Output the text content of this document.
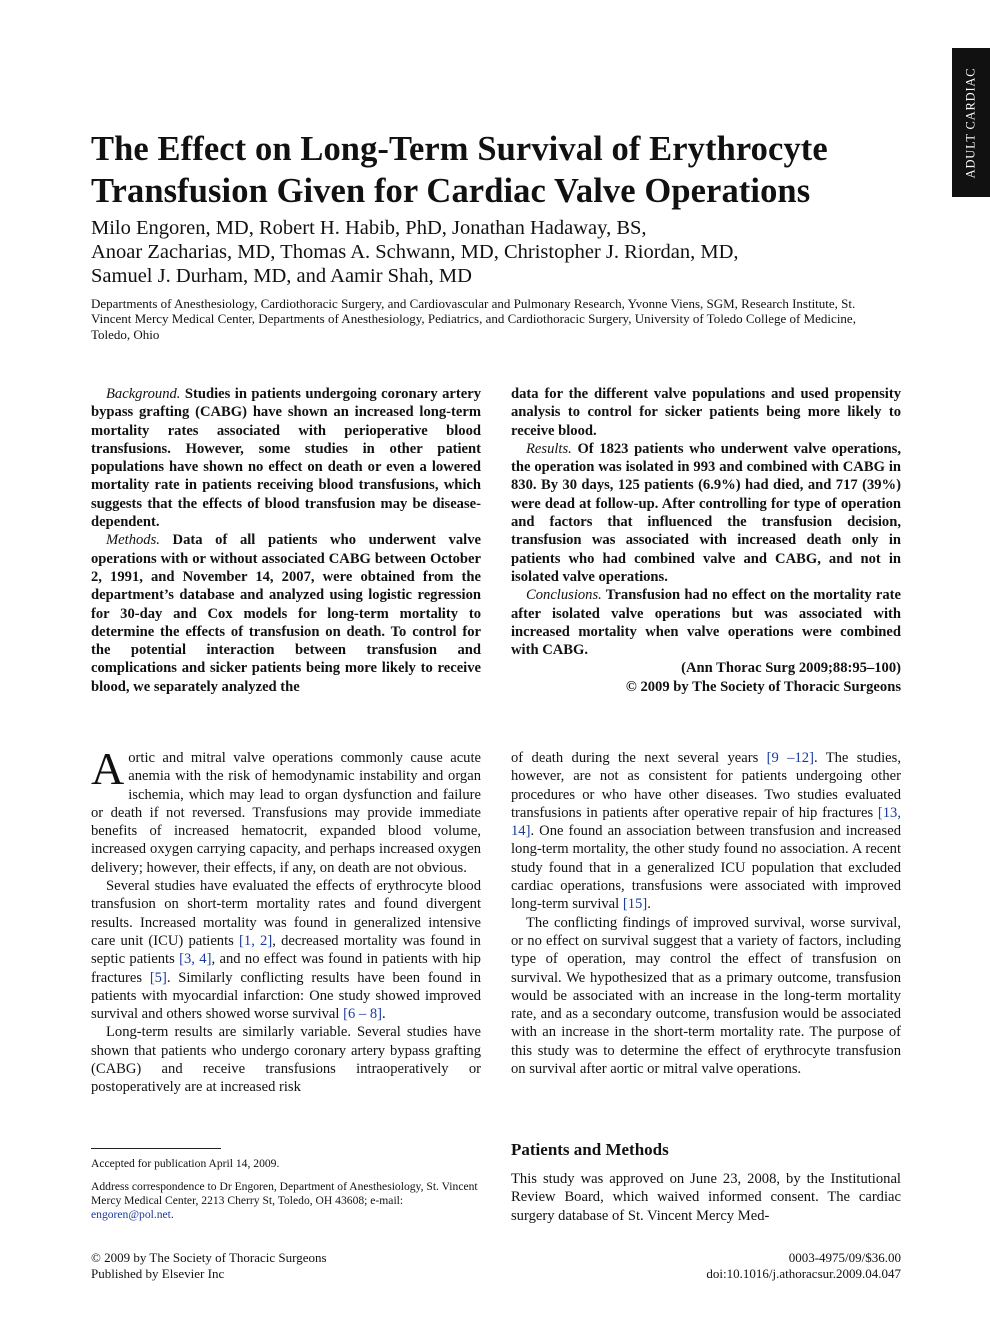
ADULT CARDIAC
The Effect on Long-Term Survival of Erythrocyte
Transfusion Given for Cardiac Valve Operations

Milo Engoren, MD, Robert H. Habib, PhD, Jonathan Hadaway, BS,
Anoar Zacharias, MD, Thomas A. Schwann, MD, Christopher J. Riordan, MD,
Samuel J. Durham, MD, and Aamir Shah, MD

Departments of Anesthesiology, Cardiothoracic Surgery, and Cardiovascular and Pulmonary Research, Yvonne Viens, SGM, Research Institute, St. Vincent Mercy Medical Center, Departments of Anesthesiology, Pediatrics, and Cardiothoracic Surgery, University of Toledo College of Medicine, Toledo, Ohio

Background. Studies in patients undergoing coronary artery bypass grafting (CABG) have shown an increased long-term mortality rates associated with perioperative blood transfusions. However, some studies in other patient populations have shown no effect on death or even a lowered mortality rate in patients receiving blood transfusions, which suggests that the effects of blood transfusion may be disease-dependent.

Methods. Data of all patients who underwent valve operations with or without associated CABG between October 2, 1991, and November 14, 2007, were obtained from the department’s database and analyzed using logistic regression for 30-day and Cox models for long-term mortality to determine the effects of transfusion on death. To control for the potential interaction between transfusion and complications and sicker patients being more likely to receive blood, we separately analyzed the

data for the different valve populations and used propensity analysis to control for sicker patients being more likely to receive blood.

Results. Of 1823 patients who underwent valve operations, the operation was isolated in 993 and combined with CABG in 830. By 30 days, 125 patients (6.9%) had died, and 717 (39%) were dead at follow-up. After controlling for type of operation and factors that influenced the transfusion decision, transfusion was associated with increased death only in patients who had combined valve and CABG, and not in isolated valve operations.

Conclusions. Transfusion had no effect on the mortality rate after isolated valve operations but was associated with increased mortality when valve operations were combined with CABG.

(Ann Thorac Surg 2009;88:95–100)

© 2009 by The Society of Thoracic Surgeons

Aortic and mitral valve operations commonly cause acute anemia with the risk of hemodynamic instability and organ ischemia, which may lead to organ dysfunction and failure or death if not reversed. Transfusions may provide immediate benefits of increased hematocrit, expanded blood volume, increased oxygen carrying capacity, and perhaps increased oxygen delivery; however, their effects, if any, on death are not obvious.

Several studies have evaluated the effects of erythrocyte blood transfusion on short-term mortality rates and found divergent results. Increased mortality was found in generalized intensive care unit (ICU) patients [1, 2], decreased mortality was found in septic patients [3, 4], and no effect was found in patients with hip fractures [5]. Similarly conflicting results have been found in patients with myocardial infarction: One study showed improved survival and others showed worse survival [6 – 8].

Long-term results are similarly variable. Several studies have shown that patients who undergo coronary artery bypass grafting (CABG) and receive transfusions intraoperatively or postoperatively are at increased risk

of death during the next several years [9 –12]. The studies, however, are not as consistent for patients undergoing other procedures or who have other diseases. Two studies evaluated transfusions in patients after operative repair of hip fractures [13, 14]. One found an association between transfusion and increased long-term mortality, the other study found no association. A recent study found that in a generalized ICU population that excluded cardiac operations, transfusions were associated with improved long-term survival [15].

The conflicting findings of improved survival, worse survival, or no effect on survival suggest that a variety of factors, including type of operation, may control the effect of transfusion on survival. We hypothesized that as a primary outcome, transfusion would be associated with an increase in the long-term mortality rate, and as a secondary outcome, transfusion would be associated with an increase in the short-term mortality rate. The purpose of this study was to determine the effect of erythrocyte transfusion on survival after aortic or mitral valve operations.

Patients and Methods

This study was approved on June 23, 2008, by the Institutional Review Board, which waived informed consent. The cardiac surgery database of St. Vincent Mercy Med-

Accepted for publication April 14, 2009.

Address correspondence to Dr Engoren, Department of Anesthesiology, St. Vincent Mercy Medical Center, 2213 Cherry St, Toledo, OH 43608; e-mail: engoren@pol.net.

© 2009 by The Society of Thoracic Surgeons
Published by Elsevier Inc
0003-4975/09/$36.00
doi:10.1016/j.athoracsur.2009.04.047
